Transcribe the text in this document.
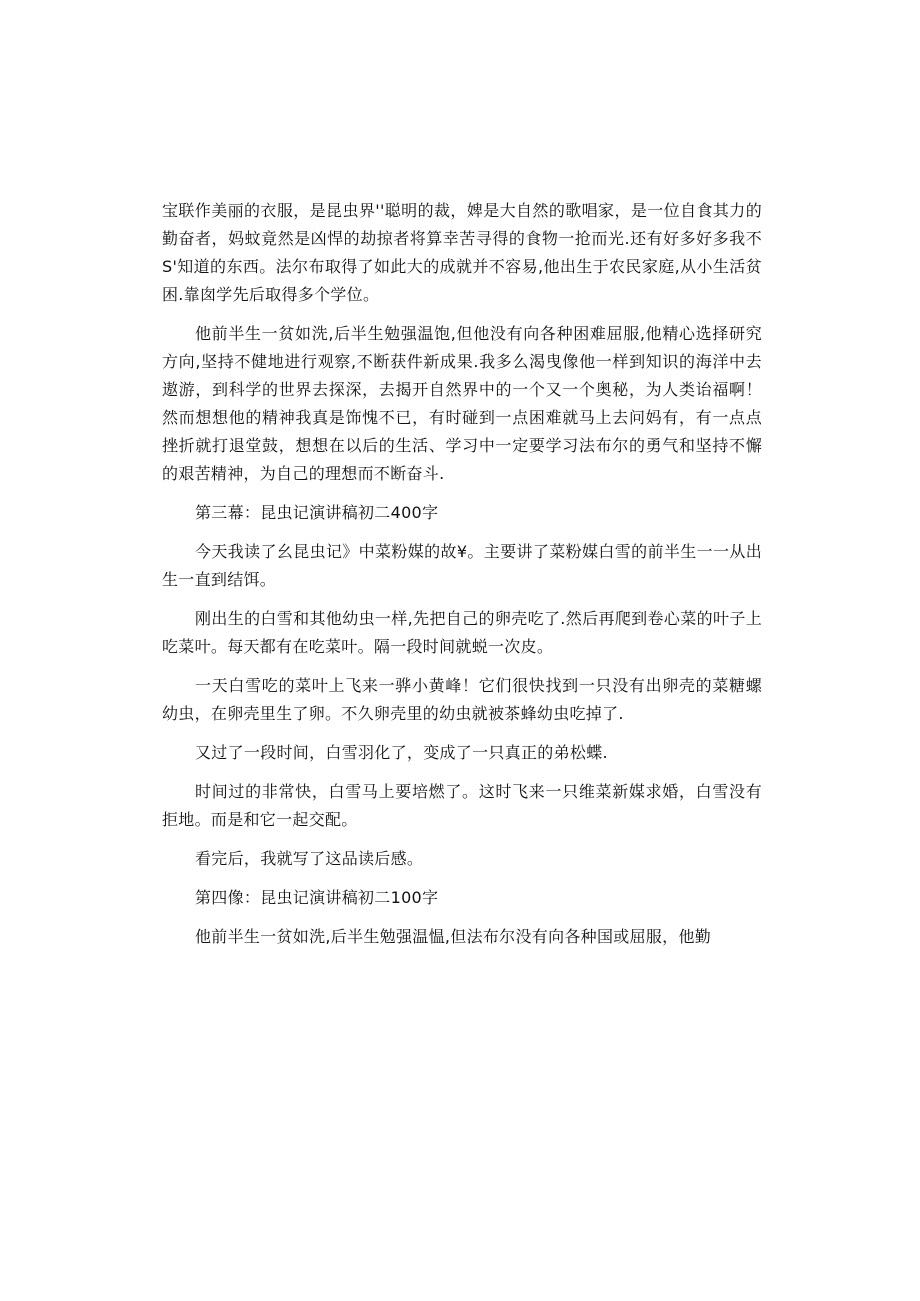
宝联作美丽的衣服，是昆虫界''聪明的裁，婢是大自然的歌唱家，是一位自食其力的勤奋者，妈蚊竟然是凶悍的劫掠者将算幸苦寻得的食物一抢而光.还有好多好多我不S'知道的东西。法尔布取得了如此大的成就并不容易,他出生于农民家庭,从小生活贫困.靠囱学先后取得多个学位。

他前半生一贫如洗,后半生勉强温饱,但他没有向各种困难屈服,他精心选择研究方向,坚持不健地进行观察,不断获件新成果.我多么渴曳像他一样到知识的海洋中去遨游，到科学的世界去探深，去揭开自然界中的一个又一个奥秘，为人类诒福啊！然而想想他的精神我真是饰愧不已，有时碰到一点困难就马上去问妈有，有一点点挫折就打退堂鼓，想想在以后的生活、学习中一定要学习法布尔的勇气和坚持不懈的艰苦精神，为自己的理想而不断奋斗.

第三幕：昆虫记演讲稿初二400字

今天我读了幺昆虫记》中菜粉媒的故¥。主要讲了菜粉媒白雪的前半生一一从出生一直到结饵。

刚出生的白雪和其他幼虫一样,先把自己的卵壳吃了.然后再爬到卷心菜的叶子上吃菜叶。每天都有在吃菜叶。隔一段时间就蜕一次皮。

一天白雪吃的菜叶上飞来一骅小黄峰！它们很快找到一只没有出卵壳的菜糖螺幼虫，在卵壳里生了卵。不久卵壳里的幼虫就被茶蜂幼虫吃掉了.

又过了一段时间，白雪羽化了，变成了一只真正的弟松蝶.

时间过的非常快，白雪马上要培燃了。这时飞来一只维菜新媒求婚，白雪没有拒地。而是和它一起交配。

看完后，我就写了这品读后感。

第四像：昆虫记演讲稿初二100字

他前半生一贫如洗,后半生勉强温愠,但法布尔没有向各种国或屈服，他勤
